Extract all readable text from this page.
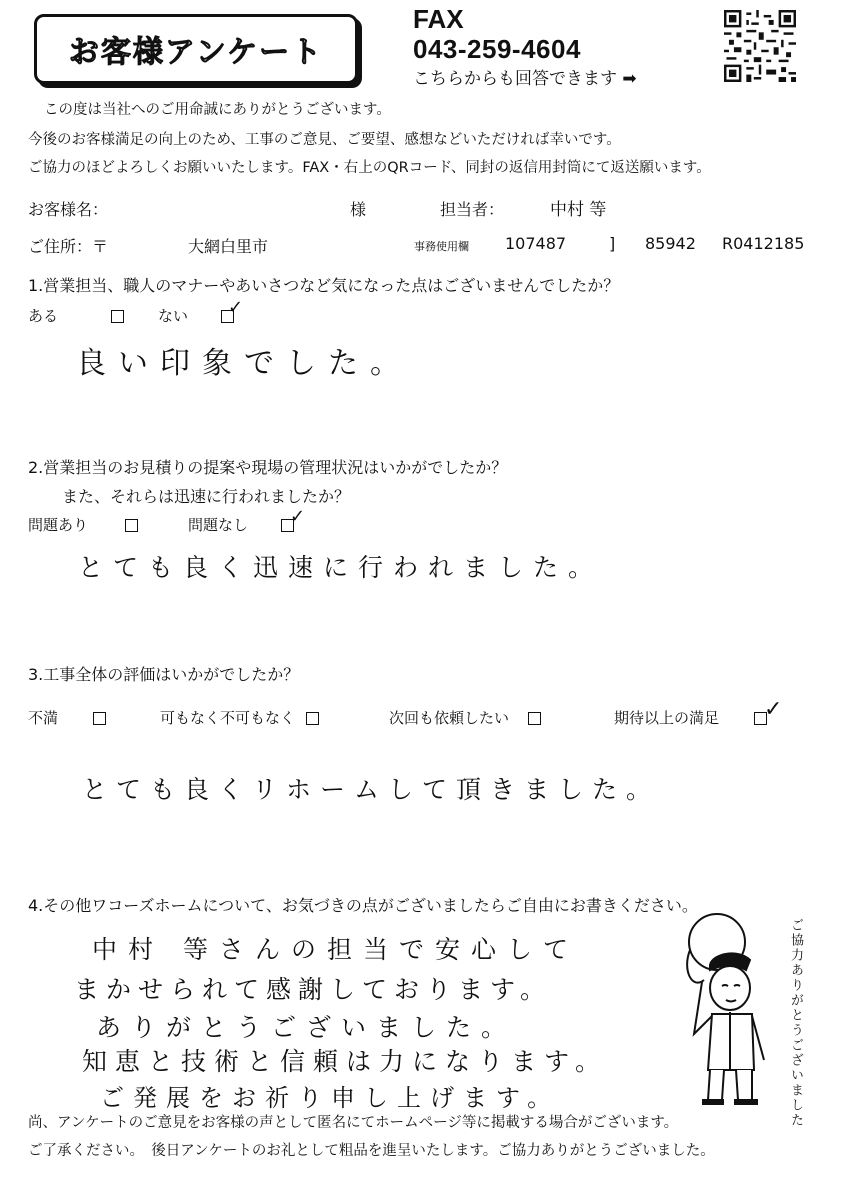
お客様アンケート
FAX
043-259-4604
こちらからも回答できます ➡
この度は当社へのご用命誠にありがとうございます。
今後のお客様満足の向上のため、工事のご意見、ご要望、感想などいただければ幸いです。
ご協力のほどよろしくお願いいたします。FAX・右上のQRコード、同封の返信用封筒にて返送願います。
お客様名：	様	担当者：	中村 等
ご住所：〒	大網白里市	事務使用欄 107487	] 85942 R0412185
1.営業担当、職人のマナーやあいさつなど気になった点はございませんでしたか？
ある	ない ✓
良い印象でした。
2.営業担当のお見積りの提案や現場の管理状況はいかがでしたか？
また、それらは迅速に行われましたか？
問題あり	問題なし ✓
とても良く迅速に行われました。
3.工事全体の評価はいかがでしたか？
不満	可もなく不可もなく	次回も依頼したい	期待以上の満足 ✓
とても良くリホームして頂きました。
4.その他ワコーズホームについて、お気づきの点がございましたらご自由にお書きください。
中村 等さんの担当で安心して
まかせられて感謝しております。
ありがとうございました。
知恵と技術と信頼は力になります。
ご発展をお祈り申し上げます。	ご協力ありがとうございました
尚、アンケートのご意見をお客様の声として匿名にてホームページ等に掲載する場合がございます。
ご了承ください。　後日アンケートのお礼として粗品を進呈いたします。ご協力ありがとうございました。
